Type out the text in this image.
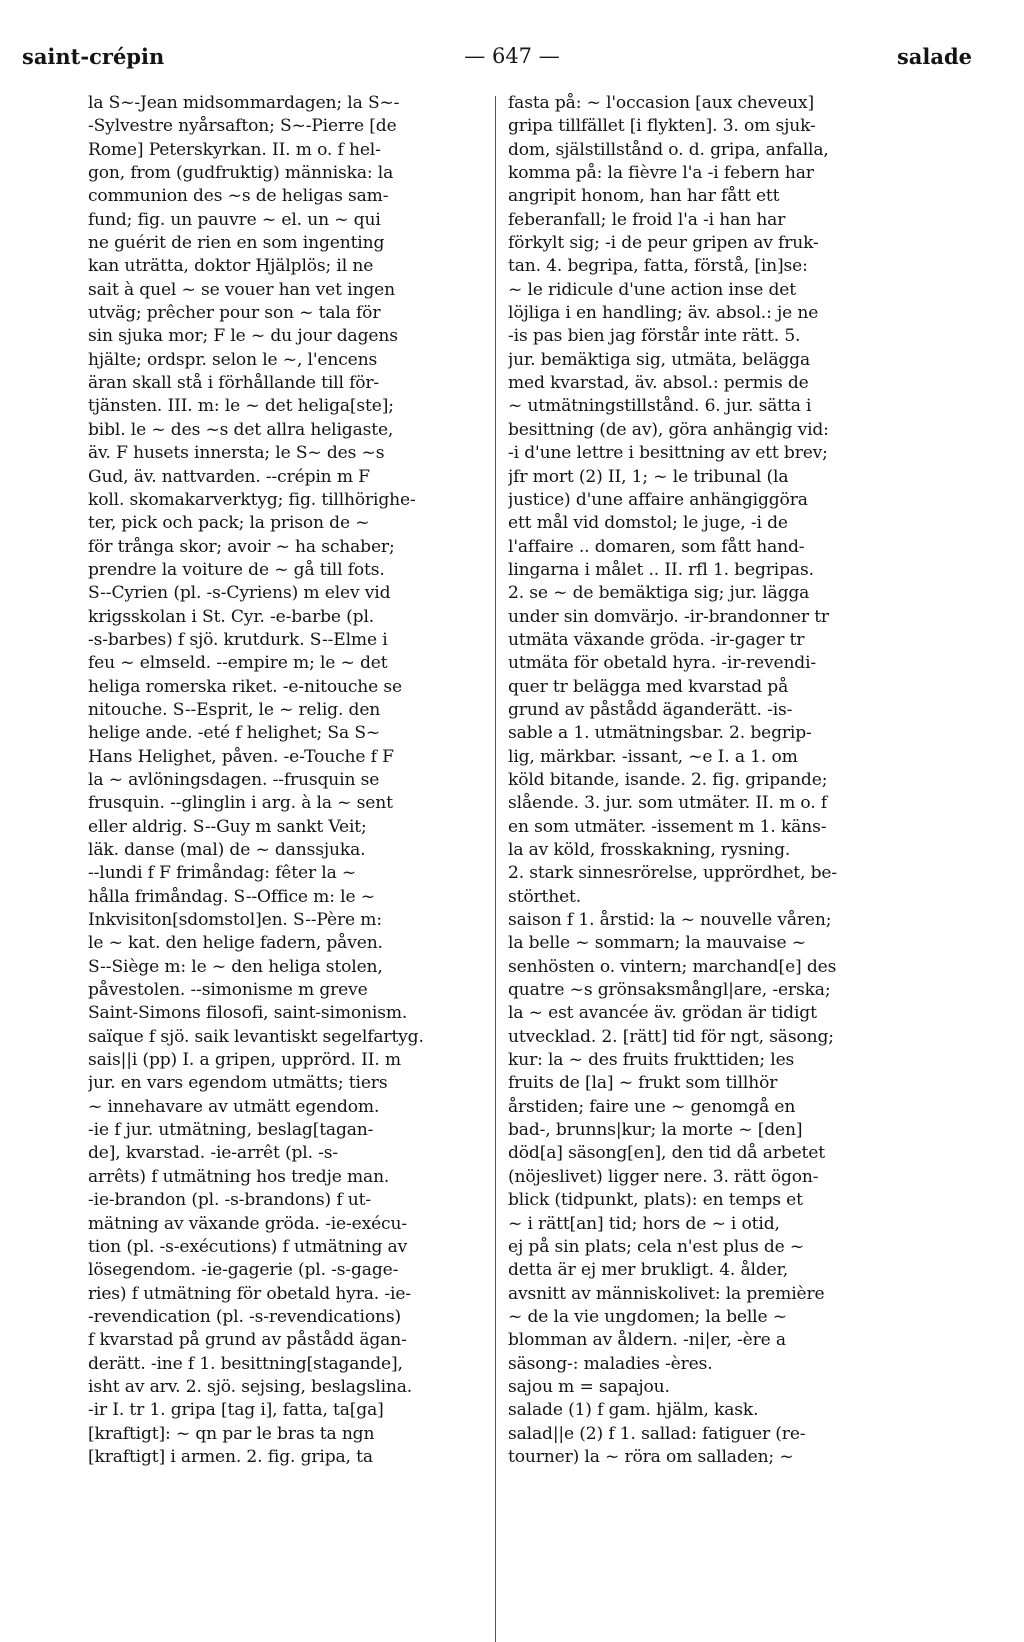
saint-crépin	— 647 —	salade
la S~-Jean midsommardagen; la S~-
-Sylvestre nyårsafton; S~-Pierre [de
Rome] Peterskyrkan. II. m o. f hel-
gon, from (gudfruktig) människa: la
communion des ~s de heligas sam-
fund; fig. un pauvre ~ el. un ~ qui
ne guérit de rien en som ingenting
kan uträtta, doktor Hjälplös; il ne
sait à quel ~ se vouer han vet ingen
utväg; prêcher pour son ~ tala för
sin sjuka mor; F le ~ du jour dagens
hjälte; ordspr. selon le ~, l'encens
äran skall stå i förhållande till för-
tjänsten. III. m: le ~ det heliga[ste];
bibl. le ~ des ~s det allra heligaste,
äv. F husets innersta; le S~ des ~s
Gud, äv. nattvarden. --crépin m F
koll. skomakarverktyg; fig. tillhörighe-
ter, pick och pack; la prison de ~
för trånga skor; avoir ~ ha schaber;
prendre la voiture de ~ gå till fots.
S--Cyrien (pl. -s-Cyriens) m elev vid
krigsskolan i St. Cyr. -e-barbe (pl.
-s-barbes) f sjö. krutdurk. S--Elme i
feu ~ elmseld. --empire m; le ~ det
heliga romerska riket. -e-nitouche se
nitouche. S--Esprit, le ~ relig. den
helige ande. -eté f helighet; Sa S~
Hans Helighet, påven. -e-Touche f F
la ~ avlöningsdagen. --frusquin se
frusquin. --glinglin i arg. à la ~ sent
eller aldrig. S--Guy m sankt Veit;
läk. danse (mal) de ~ danssjuka.
--lundi f F frimåndag: fêter la ~
hålla frimåndag. S--Office m: le ~
Inkvisiton[sdomstol]en. S--Père m:
le ~ kat. den helige fadern, påven.
S--Siège m: le ~ den heliga stolen,
påvestolen. --simonisme m greve
Saint-Simons filosofi, saint-simonism.
saïque f sjö. saik levantiskt segelfartyg.
sais||i (pp) I. a gripen, upprörd. II. m
jur. en vars egendom utmätts; tiers
~ innehavare av utmätt egendom.
-ie f jur. utmätning, beslag[tagan-
de], kvarstad. -ie-arrêt (pl. -s-
arrêts) f utmätning hos tredje man.
-ie-brandon (pl. -s-brandons) f ut-
mätning av växande gröda. -ie-exécu-
tion (pl. -s-exécutions) f utmätning av
lösegendom. -ie-gagerie (pl. -s-gage-
ries) f utmätning för obetald hyra. -ie-
-revendication (pl. -s-revendications)
f kvarstad på grund av påstådd ägan-
derätt. -ine f 1. besittning[stagande],
isht av arv. 2. sjö. sejsing, beslagslina.
-ir I. tr 1. gripa [tag i], fatta, ta[ga]
[kraftigt]: ~ qn par le bras ta ngn
[kraftigt] i armen. 2. fig. gripa, ta
fasta på: ~ l'occasion [aux cheveux]
gripa tillfället [i flykten]. 3. om sjuk-
dom, själstillstånd o. d. gripa, anfalla,
komma på: la fièvre l'a -i febern har
angripit honom, han har fått ett
feberanfall; le froid l'a -i han har
förkylt sig; -i de peur gripen av fruk-
tan. 4. begripa, fatta, förstå, [in]se:
~ le ridicule d'une action inse det
löjliga i en handling; äv. absol.: je ne
-is pas bien jag förstår inte rätt. 5.
jur. bemäktiga sig, utmäta, belägga
med kvarstad, äv. absol.: permis de
~ utmätningstillstånd. 6. jur. sätta i
besittning (de av), göra anhängig vid:
-i d'une lettre i besittning av ett brev;
jfr mort (2) II, 1; ~ le tribunal (la
justice) d'une affaire anhängiggöra
ett mål vid domstol; le juge, -i de
l'affaire .. domaren, som fått hand-
lingarna i målet .. II. rfl 1. begripas.
2. se ~ de bemäktiga sig; jur. lägga
under sin domvärjo. -ir-brandonner tr
utmäta växande gröda. -ir-gager tr
utmäta för obetald hyra. -ir-revendi-
quer tr belägga med kvarstad på
grund av påstådd äganderätt. -is-
sable a 1. utmätningsbar. 2. begrip-
lig, märkbar. -issant, ~e I. a 1. om
köld bitande, isande. 2. fig. gripande;
slående. 3. jur. som utmäter. II. m o. f
en som utmäter. -issement m 1. käns-
la av köld, frosskakning, rysning.
2. stark sinnesrörelse, upprördhet, be-
störthet.
saison f 1. årstid: la ~ nouvelle våren;
la belle ~ sommarn; la mauvaise ~
senhösten o. vintern; marchand[e] des
quatre ~s grönsaksmångl|are, -erska;
la ~ est avancée äv. grödan är tidigt
utvecklad. 2. [rätt] tid för ngt, säsong;
kur: la ~ des fruits frukttiden; les
fruits de [la] ~ frukt som tillhör
årstiden; faire une ~ genomgå en
bad-, brunns|kur; la morte ~ [den]
död[a] säsong[en], den tid då arbetet
(nöjeslivet) ligger nere. 3. rätt ögon-
blick (tidpunkt, plats): en temps et
~ i rätt[an] tid; hors de ~ i otid,
ej på sin plats; cela n'est plus de ~
detta är ej mer brukligt. 4. ålder,
avsnitt av människolivet: la première
~ de la vie ungdomen; la belle ~
blomman av åldern. -ni|er, -ère a
säsong-: maladies -ères.
sajou m = sapajou.
salade (1) f gam. hjälm, kask.
salad||e (2) f 1. sallad: fatiguer (re-
tourner) la ~ röra om salladen; ~
